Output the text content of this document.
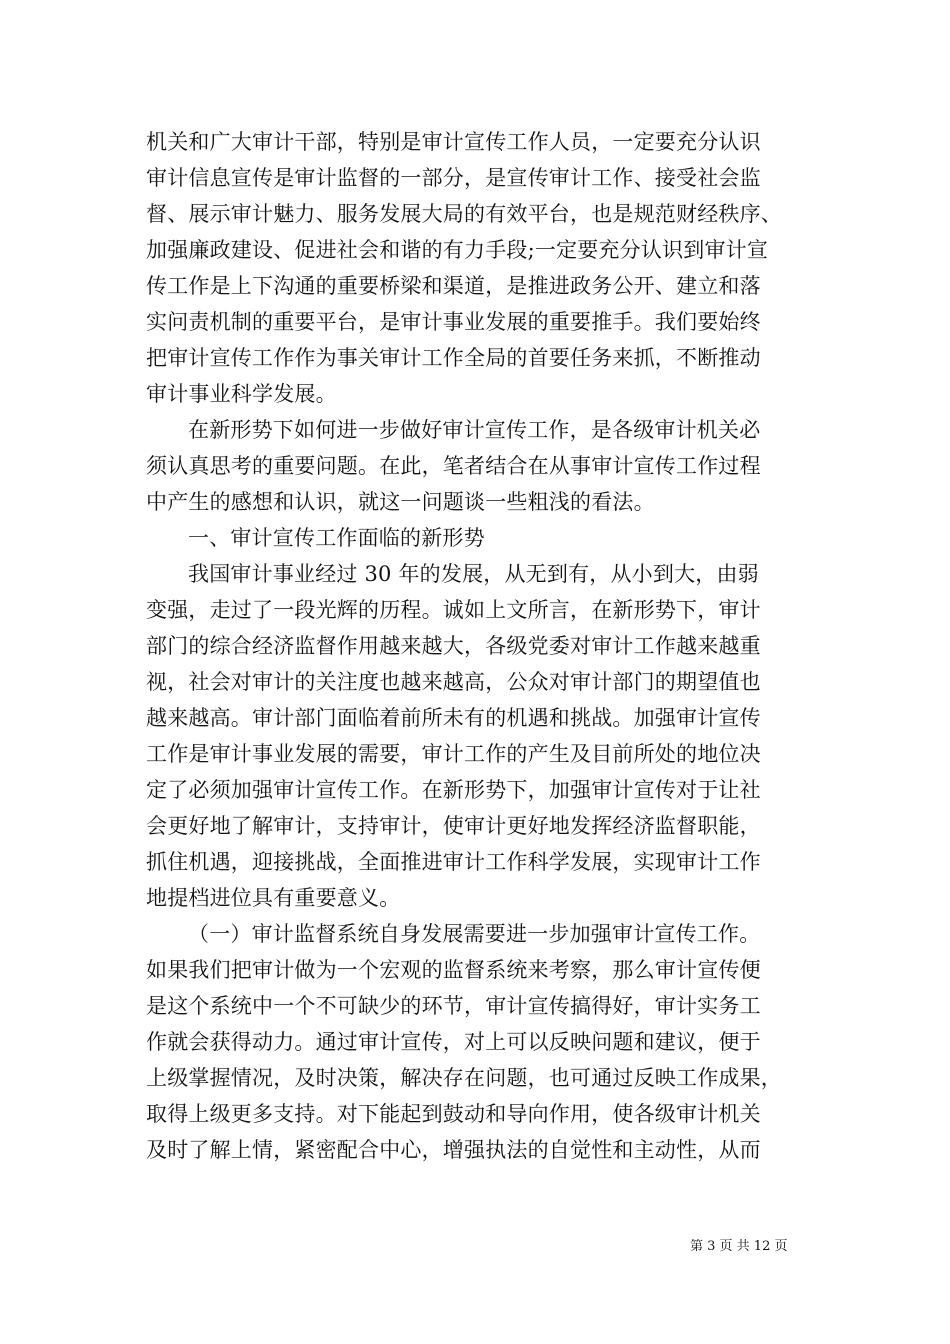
机关和广大审计干部，特别是审计宣传工作人员，一定要充分认识
审计信息宣传是审计监督的一部分，是宣传审计工作、接受社会监
督、展示审计魅力、服务发展大局的有效平台，也是规范财经秩序、
加强廉政建设、促进社会和谐的有力手段;一定要充分认识到审计宣
传工作是上下沟通的重要桥梁和渠道，是推进政务公开、建立和落
实问责机制的重要平台，是审计事业发展的重要推手。我们要始终
把审计宣传工作作为事关审计工作全局的首要任务来抓，不断推动
审计事业科学发展。
在新形势下如何进一步做好审计宣传工作，是各级审计机关必
须认真思考的重要问题。在此，笔者结合在从事审计宣传工作过程
中产生的感想和认识，就这一问题谈一些粗浅的看法。
一、审计宣传工作面临的新形势
我国审计事业经过 30 年的发展，从无到有，从小到大，由弱
变强，走过了一段光辉的历程。诚如上文所言，在新形势下，审计
部门的综合经济监督作用越来越大，各级党委对审计工作越来越重
视，社会对审计的关注度也越来越高，公众对审计部门的期望值也
越来越高。审计部门面临着前所未有的机遇和挑战。加强审计宣传
工作是审计事业发展的需要，审计工作的产生及目前所处的地位决
定了必须加强审计宣传工作。在新形势下，加强审计宣传对于让社
会更好地了解审计，支持审计，使审计更好地发挥经济监督职能，
抓住机遇，迎接挑战，全面推进审计工作科学发展，实现审计工作
地提档进位具有重要意义。
（一）审计监督系统自身发展需要进一步加强审计宣传工作。
如果我们把审计做为一个宏观的监督系统来考察，那么审计宣传便
是这个系统中一个不可缺少的环节，审计宣传搞得好，审计实务工
作就会获得动力。通过审计宣传，对上可以反映问题和建议，便于
上级掌握情况，及时决策，解决存在问题，也可通过反映工作成果，
取得上级更多支持。对下能起到鼓动和导向作用，使各级审计机关
及时了解上情，紧密配合中心，增强执法的自觉性和主动性，从而
第 3 页 共 12 页
